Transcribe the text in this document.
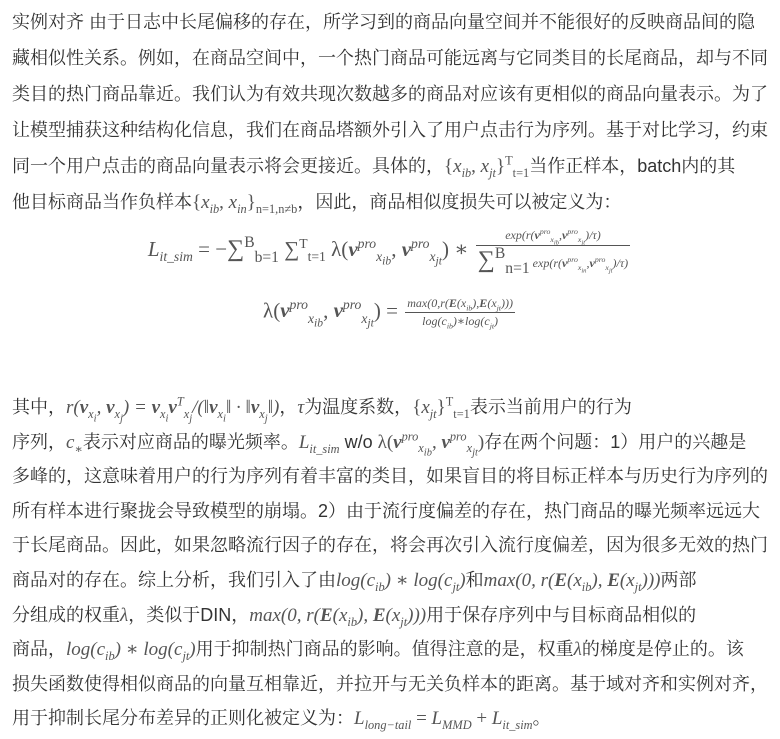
实例对齐 由于日志中长尾偏移的存在，所学习到的商品向量空间并不能很好的反映商品间的隐
藏相似性关系。例如，在商品空间中，一个热门商品可能远离与它同类目的长尾商品，却与不同
类目的热门商品靠近。我们认为有效共现次数越多的商品对应该有更相似的商品向量表示。为了
让模型捕获这种结构化信息，我们在商品塔额外引入了用户点击行为序列。基于对比学习，约束
同一个用户点击的商品向量表示将会更接近。具体的，{$x_{ib}$, $x_{jt}\}^T_{t=1}$当作正样本，batch内的其
他目标商品当作负样本{$x_{ib}$, $x_{in}\}_{n=1,n\ne b}$，因此，商品相似度损失可以被定义为：
$L_{it\_sim} = -\sum^B_{b=1}$ ∑$^T_{t=1}$ $\lambda(v^{pro}_{x_{ib}}$, $v^{pro}_{x_{jt}}$) ∗ $\frac{\exp(r(v^{pro}_{x_{ib}},v^{pro}_{x_{jt}})/\tau)}{\sum^B_{n=1} \exp(r(v^{pro}_{x_{in}},v^{pro}_{x_{jt}})/\tau)}$
$\lambda(v^{pro}_{x_{ib}}$, $v^{pro}_{x_{jt}}) = \frac{\max(0,r(E(x_{ib}),E(x_{jt})))}{\log(c_{ib})∗\log(c_{jt})}$
其中，$r(v_{x_i}$, $v_{x_j}$) = $v_{x_i}v^T_{x_j}/(‖v_{x_i}‖$ · $‖v_{x_j}‖$)，τ为温度系数，$\{x_{jt}\}^T_{t=1}$表示当前用户的行为
序列，$c_∗$表示对应商品的曝光频率。$L_{it\_sim}$ w/o $\lambda(v^{pro}_{x_{ib}}$, $v^{pro}_{x_{jt}}$)存在两个问题：1）用户的兴趣是
多峰的，这意味着用户的行为序列有着丰富的类目，如果盲目的将目标正样本与历史行为序列的
所有样本进行聚拢会导致模型的崩塌。2）由于流行度偏差的存在，热门商品的曝光频率远远大
于长尾商品。因此，如果忽略流行因子的存在，将会再次引入流行度偏差，因为很多无效的热门
商品对的存在。综上分析，我们引入了由$\log(c_{ib})$ ∗ $\log(c_{jt})$和max(0, $r(E(x_{ib})$, $E(x_{jt})$))两部
分组成的权重λ，类似于DIN，max(0, $r(E(x_{ib})$, $E(x_{jt})$))用于保存序列中与目标商品相似的
商品，$\log(c_{ib})$ ∗ $\log(c_{jt})$用于抑制热门商品的影响。值得注意的是，权重λ的梯度是停止的。该
损失函数使得相似商品的向量互相靠近，并拉开与无关负样本的距离。基于域对齐和实例对齐，
用于抑制长尾分布差异的正则化被定义为：$L_{long-tail} = L_{MMD} + L_{it\_sim}$。
